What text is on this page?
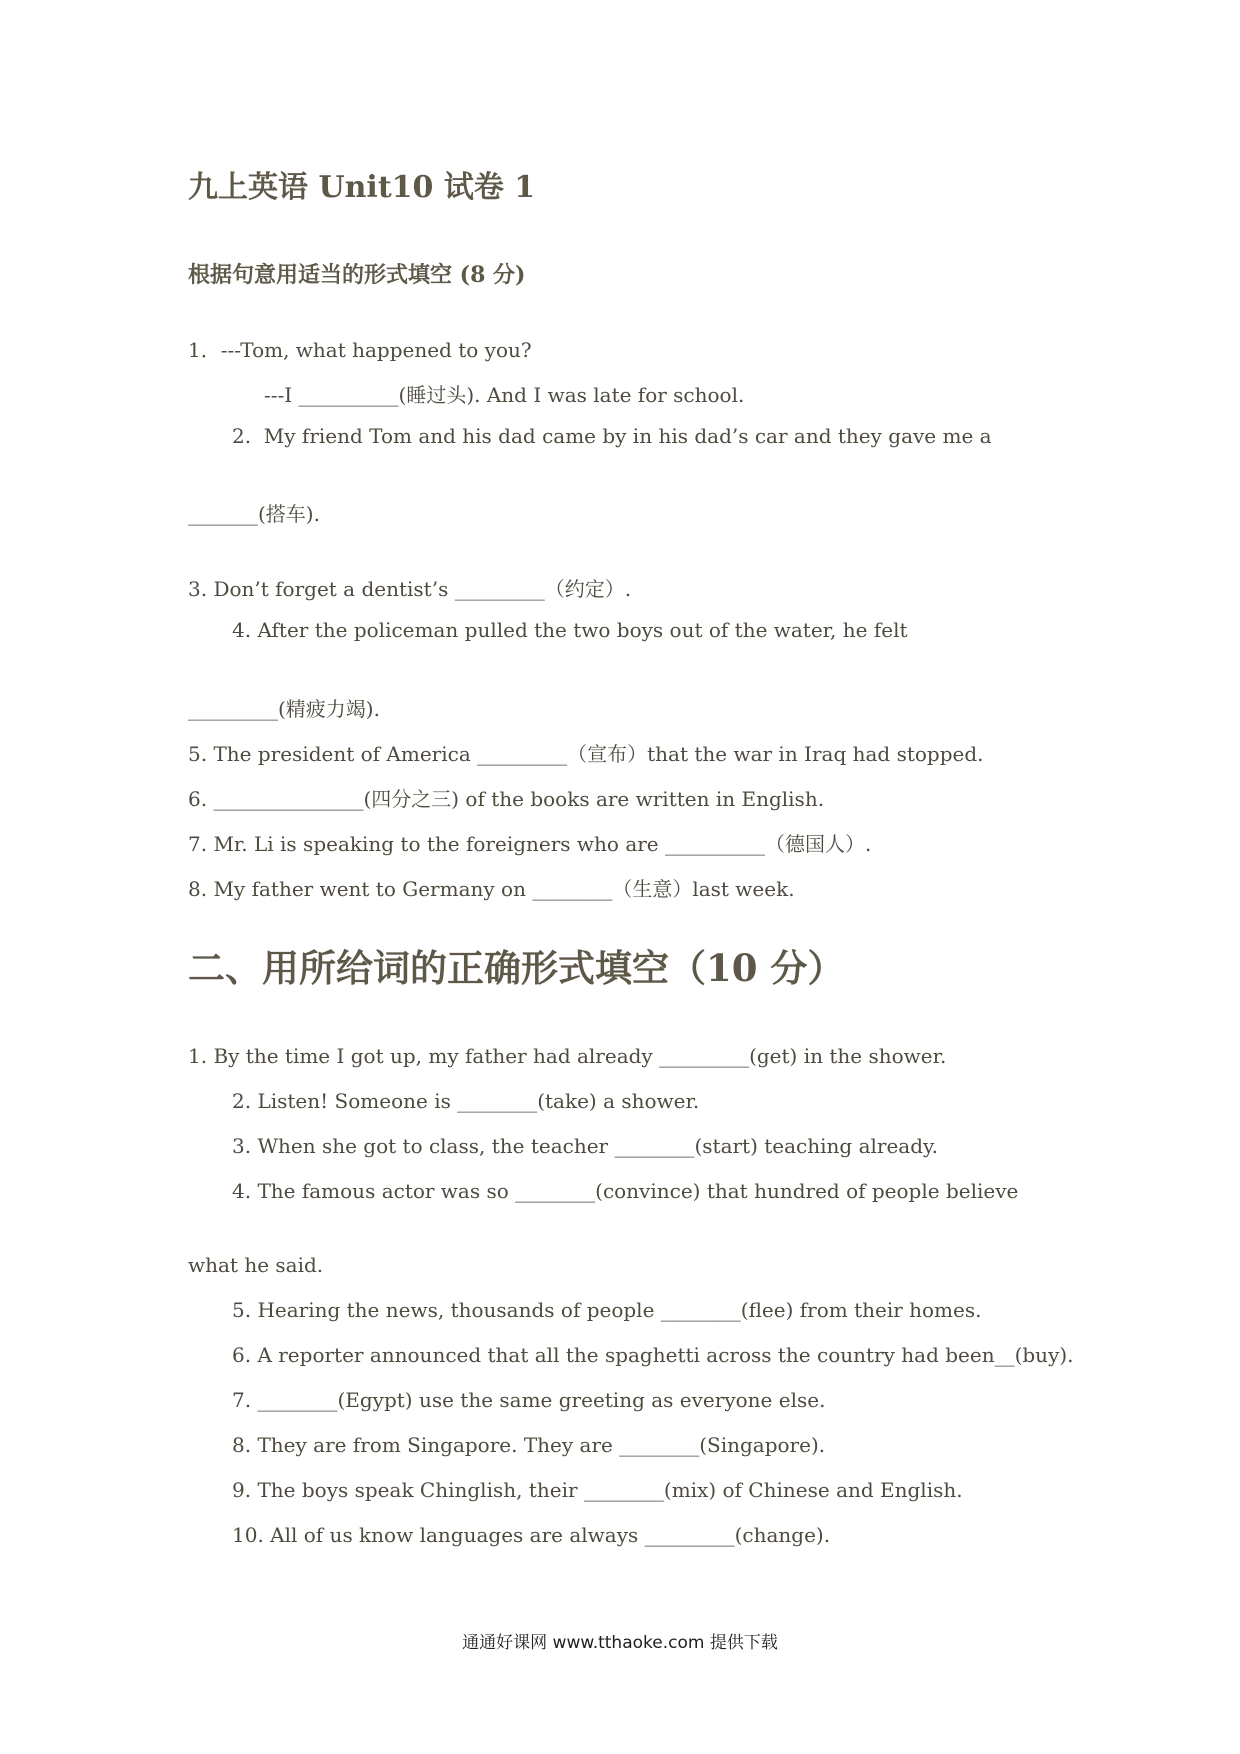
九上英语 Unit10 试卷 1
根据句意用适当的形式填空 (8 分)
1．---Tom, what happened to you?
---I __________(睡过头). And I was late for school.
2.  My friend Tom and his dad came by in his dad’s car and they gave me a
_______(搭车).
3. Don’t forget a dentist’s _________（约定）.
4. After the policeman pulled the two boys out of the water, he felt
_________(精疲力竭).
5. The president of America _________（宣布）that the war in Iraq had stopped.
6. _______________(四分之三) of the books are written in English.
7. Mr. Li is speaking to the foreigners who are __________（德国人）.
8. My father went to Germany on ________（生意）last week.
二、用所给词的正确形式填空（10 分）
1. By the time I got up, my father had already _________(get) in the shower.
2. Listen! Someone is ________(take) a shower.
3. When she got to class, the teacher ________(start) teaching already.
4. The famous actor was so ________(convince) that hundred of people believe
what he said.
5. Hearing the news, thousands of people ________(flee) from their homes.
6. A reporter announced that all the spaghetti across the country had been__(buy).
7. ________(Egypt) use the same greeting as everyone else.
8. They are from Singapore. They are ________(Singapore).
9. The boys speak Chinglish, their ________(mix) of Chinese and English.
10. All of us know languages are always _________(change).
通通好课网 www.tthaoke.com 提供下载
